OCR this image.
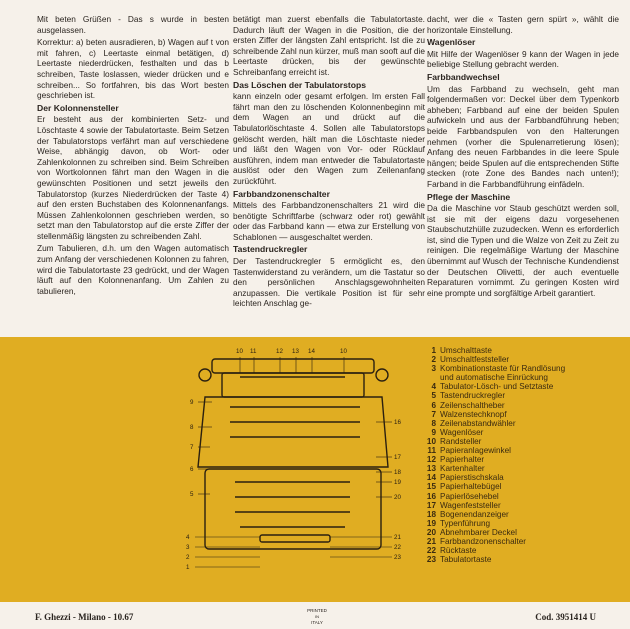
Mit beten Grüßen - Das s wurde in besten ausgelassen.

Korrektur: a) beten ausradieren, b) Wagen auf t von mit fahren, c) Leertaste einmal betätigen, d) Leertaste niederdrücken, festhalten und das b schreiben, Taste loslassen, wieder drücken und e schreiben... So fortfahren, bis das Wort besten geschrieben ist.

Der Kolonnensteller

Er besteht aus der kombinierten Setz- und Löschtaste 4 sowie der Tabulatortaste. Beim Setzen der Tabulatorstops verfährt man auf verschiedene Weise, abhängig davon, ob Wort- oder Zahlenkolonnen zu schreiben sind. Beim Schreiben von Wortkolonnen fährt man den Wagen in die gewünschten Positionen und setzt jeweils den Tabulatorstop (kurzes Niederdrücken der Taste 4) auf den ersten Buchstaben des Kolonnenanfangs. Müssen Zahlenkolonnen geschrieben werden, so setzt man den Tabulatorstop auf die erste Ziffer der stellenmäßig längsten zu schreibenden Zahl.

Zum Tabulieren, d.h. um den Wagen automatisch zum Anfang der verschiedenen Kolonnen zu fahren, wird die Tabulatortaste 23 gedrückt, und der Wagen läuft auf den Kolonnenanfang. Um Zahlen zu tabulieren,

betätigt man zuerst ebenfalls die Tabulatortaste. Dadurch läuft der Wagen in die Position, die der ersten Ziffer der längsten Zahl entspricht. Ist die zu schreibende Zahl nun kürzer, muß man sooft auf die Leertaste drücken, bis der gewünschte Schreibanfang erreicht ist.

Das Löschen der Tabulatorstops

kann einzeln oder gesamt erfolgen. Im ersten Fall fährt man den zu löschenden Kolonnenbeginn mit dem Wagen an und drückt auf die Tabulatorlöschtaste 4. Sollen alle Tabulatorstops gelöscht werden, hält man die Löschtaste nieder und läßt den Wagen von Vor- oder Rücklauf ausführen, indem man entweder die Tabulatortaste auslöst oder den Wagen zum Zeilenanfang zurückführt.

Farbbandzonenschalter

Mittels des Farbbandzonenschalters 21 wird die benötigte Schriftfarbe (schwarz oder rot) gewählt oder das Farbband kann — etwa zur Erstellung von Schablonen — ausgeschaltet werden.

Tastendruckregler

Der Tastendruckregler 5 ermöglicht es, den Tastenwiderstand zu verändern, um die Tastatur so den persönlichen Anschlagsgewohnheiten anzupassen. Die vertikale Position ist für sehr leichten Anschlag ge-

dacht, wer die « Tasten gern spürt », wählt die horizontale Einstellung.

Wagenlöser

Mit Hilfe der Wagenlöser 9 kann der Wagen in jede beliebige Stellung gebracht werden.

Farbbandwechsel

Um das Farbband zu wechseln, geht man folgendermaßen vor: Deckel über dem Typenkorb abheben; Farbband auf eine der beiden Spulen aufwickeln und aus der Farbbandführung heben; beide Farbbandspulen von den Halterungen nehmen (vorher die Spulenarretierung lösen); Anfang des neuen Farbbandes in die leere Spule hängen; beide Spulen auf die entsprechenden Stifte stecken (rote Zone des Bandes nach unten!); Farband in die Farbbandführung einfädeln.

Pflege der Maschine

Da die Maschine vor Staub geschützt werden soll, ist sie mit der eigens dazu vorgesehenen Staubschutzhülle zuzudecken. Wenn es erforderlich ist, sind die Typen und die Walze von Zeit zu Zeit zu reinigen. Die regelmäßige Wartung der Maschine übernimmt auf Wusch der Technische Kundendienst der Deutschen Olivetti, der auch eventuelle Reparaturen vornimmt. Zu geringen Kosten wird eine prompte und sorgfältige Arbeit garantiert.

10 11	12 13 14	10
9
8
7
6
5
16
17
18
19
20
4
3
2
1
21
22
23
1 Umschalttaste
2 Umschaltfeststeller
3 Kombinationstaste für Randlösung
und automatische Einrückung
4 Tabulator-Lösch- und Setztaste
5 Tastendruckregler
6 Zeilenschaltheber
7 Walzenstechknopf
8 Zeilenabstandwähler
9 Wagenlöser
10 Randsteller
11 Papieranlagewinkel
12 Papierhalter
13 Kartenhalter
14 Papierstischskala
15 Papierhaltebügel
16 Papierlösehebel
17 Wagenfeststeller
18 Bogenendanzeiger
19 Typenführung
20 Abnehmbarer Deckel
21 Farbbandzonenschalter
22 Rücktaste
23 Tabulatortaste
F. Ghezzi - Milano - 10.67
PRINTED
IN
ITALY
Cod. 3951414 U
